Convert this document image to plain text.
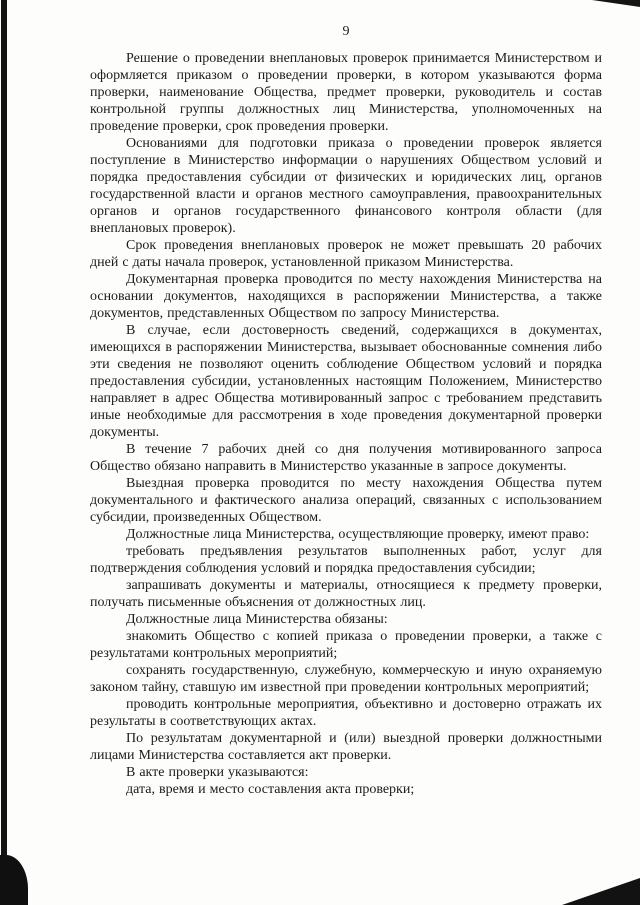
9

Решение о проведении внеплановых проверок принимается Министерством и оформляется приказом о проведении проверки, в котором указываются форма проверки, наименование Общества, предмет проверки, руководитель и состав контрольной группы должностных лиц Министерства, уполномоченных на проведение проверки, срок проведения проверки.

Основаниями для подготовки приказа о проведении проверок является поступление в Министерство информации о нарушениях Обществом условий и порядка предоставления субсидии от физических и юридических лиц, органов государственной власти и органов местного самоуправления, правоохранительных органов и органов государственного финансового контроля области (для внеплановых проверок).

Срок проведения внеплановых проверок не может превышать 20 рабочих дней с даты начала проверок, установленной приказом Министерства.

Документарная проверка проводится по месту нахождения Министерства на основании документов, находящихся в распоряжении Министерства, а также документов, представленных Обществом по запросу Министерства.

В случае, если достоверность сведений, содержащихся в документах, имеющихся в распоряжении Министерства, вызывает обоснованные сомнения либо эти сведения не позволяют оценить соблюдение Обществом условий и порядка предоставления субсидии, установленных настоящим Положением, Министерство направляет в адрес Общества мотивированный запрос с требованием представить иные необходимые для рассмотрения в ходе проведения документарной проверки документы.

В течение 7 рабочих дней со дня получения мотивированного запроса Общество обязано направить в Министерство указанные в запросе документы.

Выездная проверка проводится по месту нахождения Общества путем документального и фактического анализа операций, связанных с использованием субсидии, произведенных Обществом.

Должностные лица Министерства, осуществляющие проверку, имеют право:

требовать предъявления результатов выполненных работ, услуг для подтверждения соблюдения условий и порядка предоставления субсидии;

запрашивать документы и материалы, относящиеся к предмету проверки, получать письменные объяснения от должностных лиц.

Должностные лица Министерства обязаны:

знакомить Общество с копией приказа о проведении проверки, а также с результатами контрольных мероприятий;

сохранять государственную, служебную, коммерческую и иную охраняемую законом тайну, ставшую им известной при проведении контрольных мероприятий;

проводить контрольные мероприятия, объективно и достоверно отражать их результаты в соответствующих актах.

По результатам документарной и (или) выездной проверки должностными лицами Министерства составляется акт проверки.

В акте проверки указываются:

дата, время и место составления акта проверки;
